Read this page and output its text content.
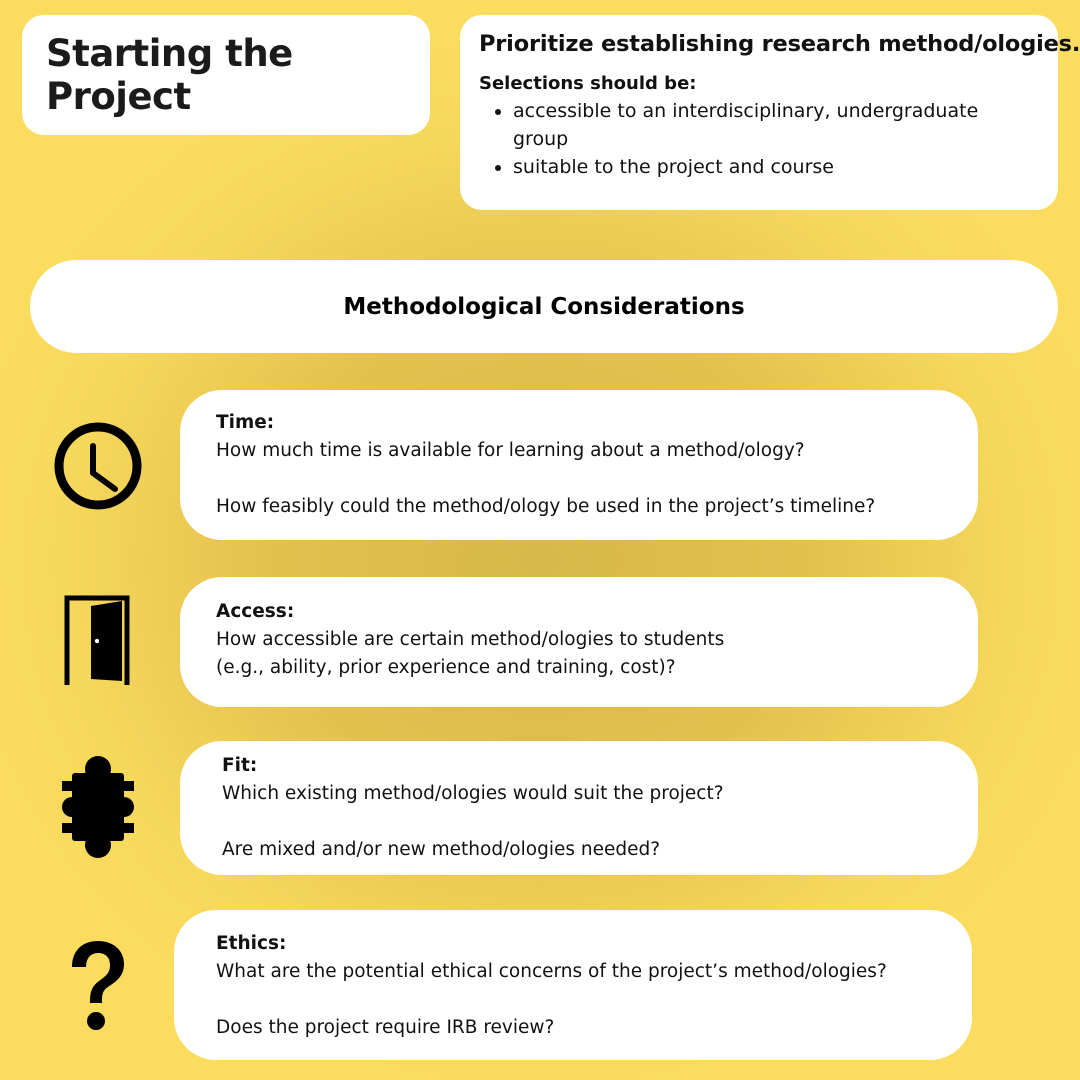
Starting the Project
Prioritize establishing research method/ologies.
Selections should be:
• accessible to an interdisciplinary, undergraduate group
• suitable to the project and course
Methodological Considerations

Time:

How much time is available for learning about a method/ology?

How feasibly could the method/ology be used in the project’s timeline?

Access:

How accessible are certain method/ologies to students

(e.g., ability, prior experience and training, cost)?

Fit:

Which existing method/ologies would suit the project?

Are mixed and/or new method/ologies needed?

Ethics:

What are the potential ethical concerns of the project’s method/ologies?

Does the project require IRB review?
